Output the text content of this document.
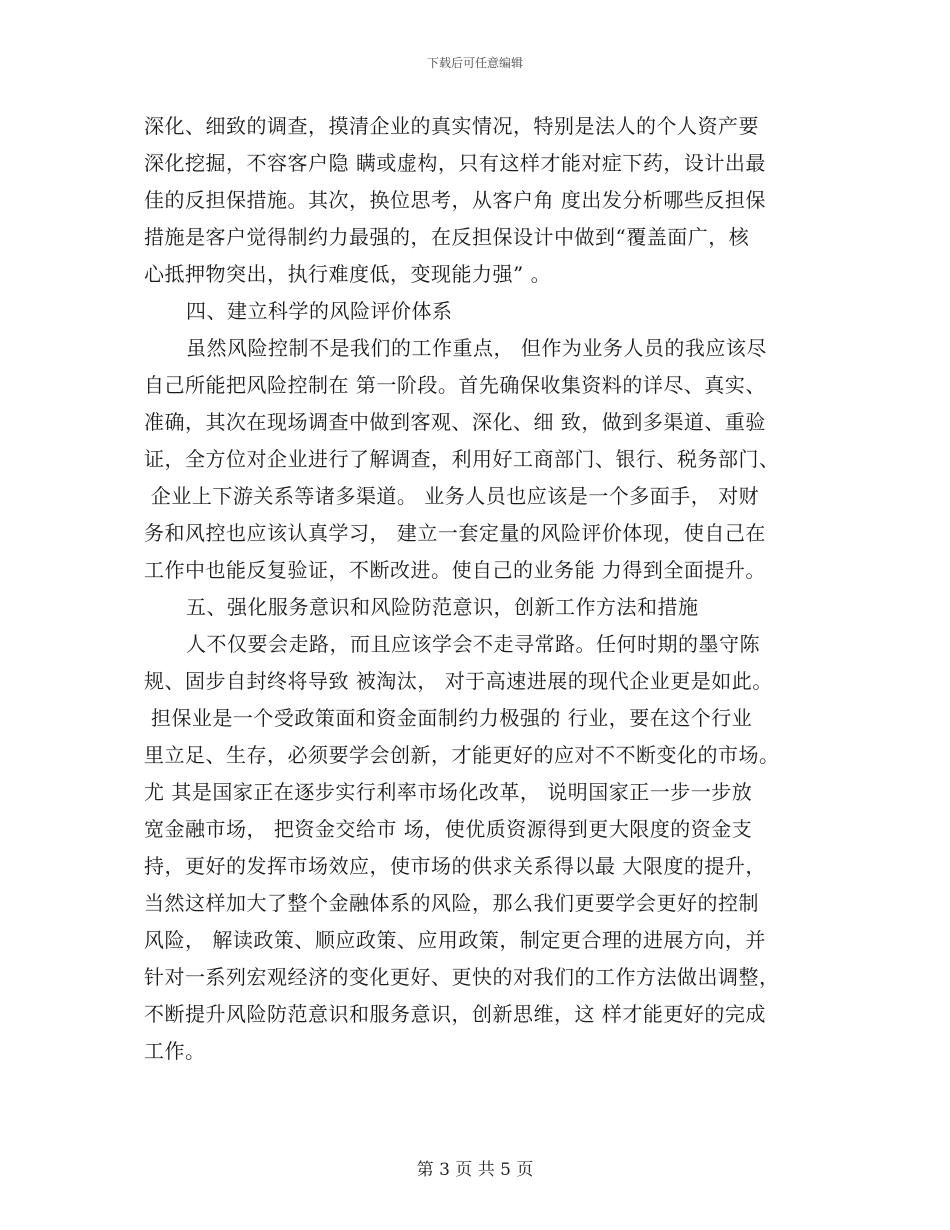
下载后可任意编辑
深化、细致的调查，摸清企业的真实情况，特别是法人的个人资产要
深化挖掘，不容客户隐 瞒或虚构，只有这样才能对症下药，设计出最
佳的反担保措施。其次，换位思考，从客户角 度出发分析哪些反担保
措施是客户觉得制约力最强的，在反担保设计中做到“覆盖面广，核
心抵押物突出，执行难度低，变现能力强” 。
四、建立科学的风险评价体系
虽然风险控制不是我们的工作重点， 但作为业务人员的我应该尽
自己所能把风险控制在 第一阶段。首先确保收集资料的详尽、真实、
准确，其次在现场调查中做到客观、深化、细 致，做到多渠道、重验
证，全方位对企业进行了解调查，利用好工商部门、银行、税务部门、
企业上下游关系等诸多渠道。 业务人员也应该是一个多面手， 对财
务和风控也应该认真学习， 建立一套定量的风险评价体现，使自己在
工作中也能反复验证，不断改进。使自己的业务能 力得到全面提升。
五、强化服务意识和风险防范意识，创新工作方法和措施
人不仅要会走路，而且应该学会不走寻常路。任何时期的墨守陈
规、固步自封终将导致 被淘汰， 对于高速进展的现代企业更是如此。
担保业是一个受政策面和资金面制约力极强的 行业，要在这个行业
里立足、生存，必须要学会创新，才能更好的应对不不断变化的市场。
尤 其是国家正在逐步实行利率市场化改革， 说明国家正一步一步放
宽金融市场， 把资金交给市 场，使优质资源得到更大限度的资金支
持，更好的发挥市场效应，使市场的供求关系得以最 大限度的提升，
当然这样加大了整个金融体系的风险，那么我们更要学会更好的控制
风险， 解读政策、顺应政策、应用政策，制定更合理的进展方向，并
针对一系列宏观经济的变化更好、更快的对我们的工作方法做出调整，
不断提升风险防范意识和服务意识，创新思维，这 样才能更好的完成
工作。
第 3 页 共 5 页
